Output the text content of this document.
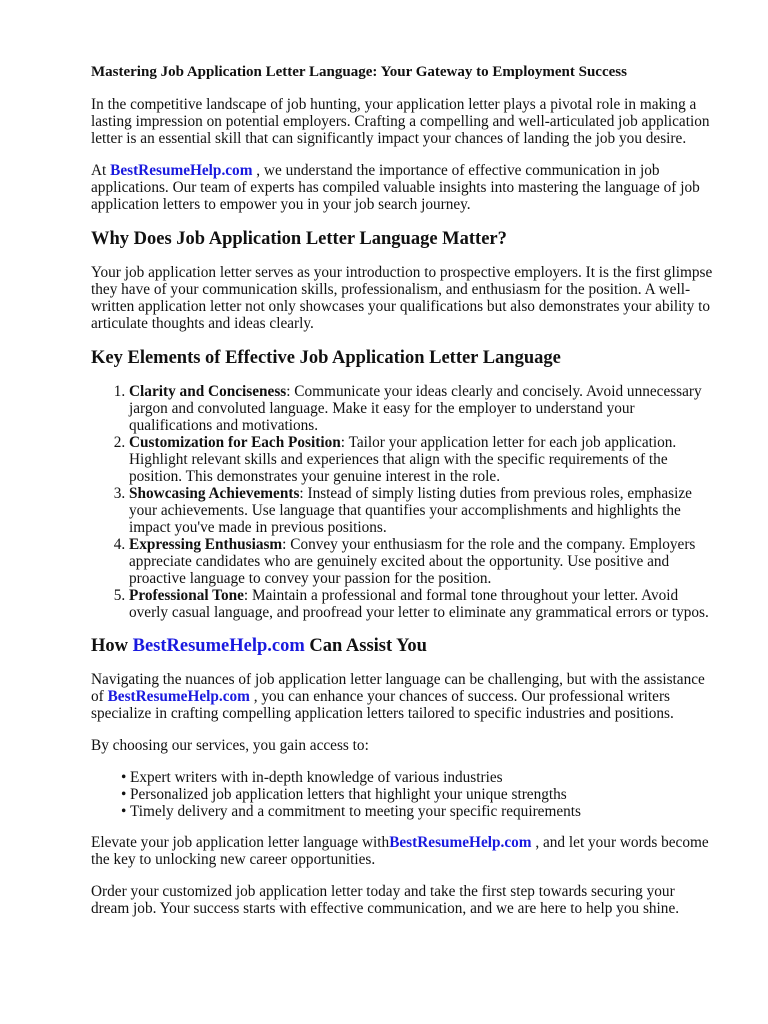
Mastering Job Application Letter Language: Your Gateway to Employment Success

In the competitive landscape of job hunting, your application letter plays a pivotal role in making a lasting impression on potential employers. Crafting a compelling and well-articulated job application letter is an essential skill that can significantly impact your chances of landing the job you desire.

At BestResumeHelp.com , we understand the importance of effective communication in job applications. Our team of experts has compiled valuable insights into mastering the language of job application letters to empower you in your job search journey.

Why Does Job Application Letter Language Matter?

Your job application letter serves as your introduction to prospective employers. It is the first glimpse they have of your communication skills, professionalism, and enthusiasm for the position. A well-written application letter not only showcases your qualifications but also demonstrates your ability to articulate thoughts and ideas clearly.

Key Elements of Effective Job Application Letter Language
1. Clarity and Conciseness: Communicate your ideas clearly and concisely. Avoid unnecessary jargon and convoluted language. Make it easy for the employer to understand your qualifications and motivations.
2. Customization for Each Position: Tailor your application letter for each job application. Highlight relevant skills and experiences that align with the specific requirements of the position. This demonstrates your genuine interest in the role.
3. Showcasing Achievements: Instead of simply listing duties from previous roles, emphasize your achievements. Use language that quantifies your accomplishments and highlights the impact you've made in previous positions.
4. Expressing Enthusiasm: Convey your enthusiasm for the role and the company. Employers appreciate candidates who are genuinely excited about the opportunity. Use positive and proactive language to convey your passion for the position.
5. Professional Tone: Maintain a professional and formal tone throughout your letter. Avoid overly casual language, and proofread your letter to eliminate any grammatical errors or typos.
How BestResumeHelp.com Can Assist You

Navigating the nuances of job application letter language can be challenging, but with the assistance of BestResumeHelp.com , you can enhance your chances of success. Our professional writers specialize in crafting compelling application letters tailored to specific industries and positions.

By choosing our services, you gain access to:

• Expert writers with in-depth knowledge of various industries
• Personalized job application letters that highlight your unique strengths
• Timely delivery and a commitment to meeting your specific requirements

Elevate your job application letter language withBestResumeHelp.com , and let your words become the key to unlocking new career opportunities.

Order your customized job application letter today and take the first step towards securing your dream job. Your success starts with effective communication, and we are here to help you shine.
